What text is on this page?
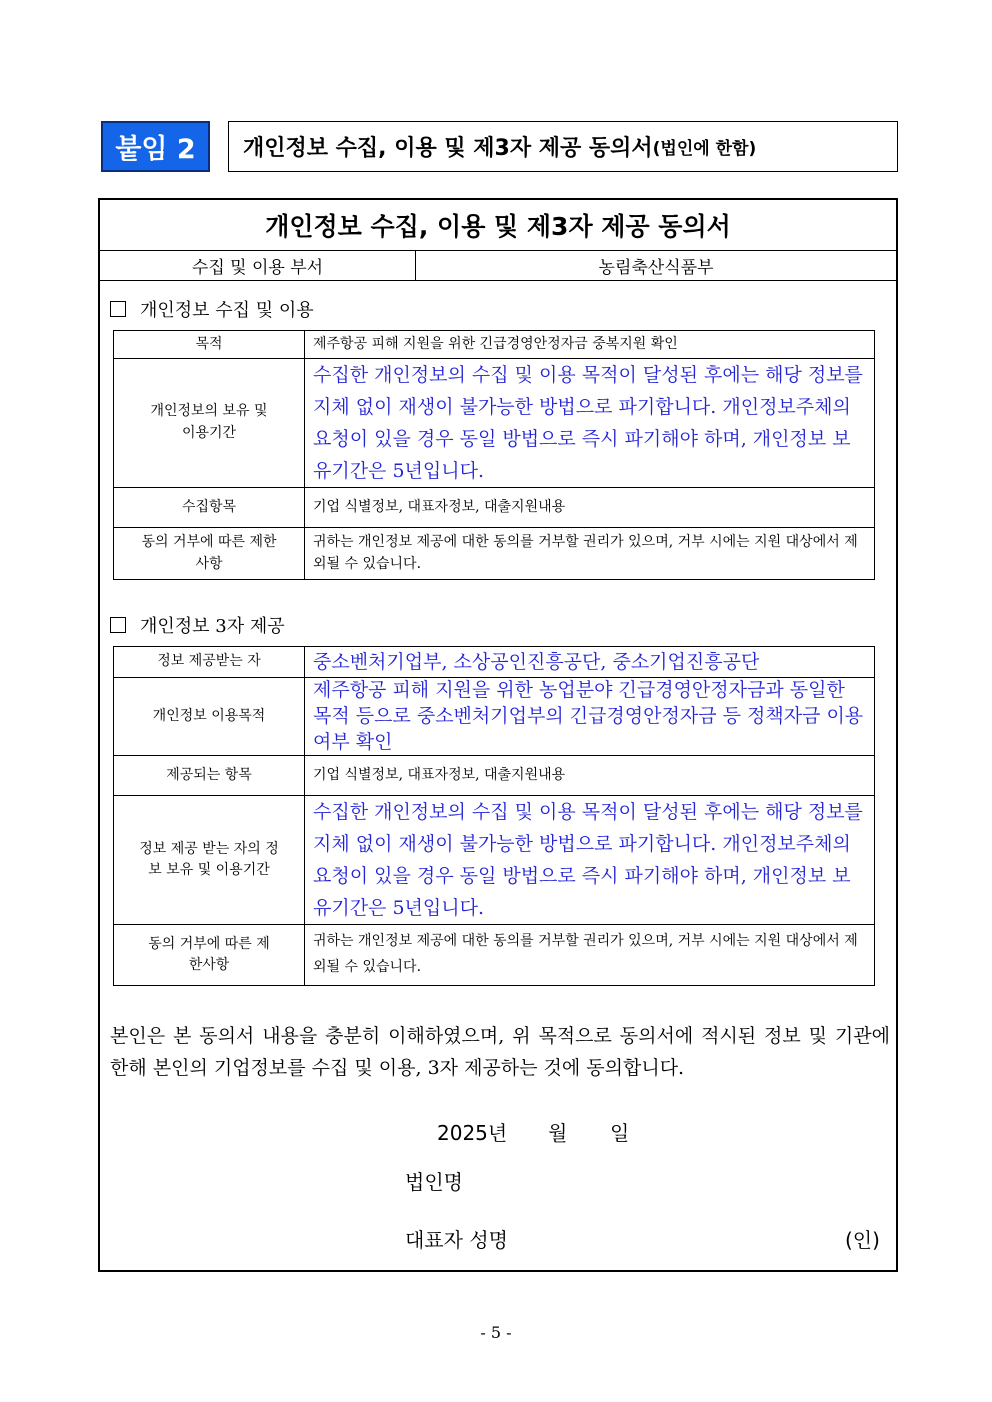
붙임 2	개인정보 수집, 이용 및 제3자 제공 동의서 (법인에 한함)
개인정보 수집, 이용 및 제3자 제공 동의서
수집 및 이용 부서	농림축산식품부
개인정보 수집 및 이용
목적	제주항공 피해 지원을 위한 긴급경영안정자금 중복지원 확인
개인정보의 보유 및 이용기간	수집한 개인정보의 수집 및 이용 목적이 달성된 후에는 해당 정보를 지체 없이 재생이 불가능한 방법으로 파기합니다. 개인정보주체의 요청이 있을 경우 동일 방법으로 즉시 파기해야 하며, 개인정보 보유기간은 5년입니다.
수집항목	기업 식별정보, 대표자정보, 대출지원내용
동의 거부에 따른 제한사항	귀하는 개인정보 제공에 대한 동의를 거부할 권리가 있으며, 거부 시에는 지원 대상에서 제외될 수 있습니다.
개인정보 3자 제공
정보 제공받는 자	중소벤처기업부, 소상공인진흥공단, 중소기업진흥공단
개인정보 이용목적	제주항공 피해 지원을 위한 농업분야 긴급경영안정자금과 동일한 목적 등으로 중소벤처기업부의 긴급경영안정자금 등 정책자금 이용 여부 확인
제공되는 항목	기업 식별정보, 대표자정보, 대출지원내용
정보 제공 받는 자의 정보 보유 및 이용기간	수집한 개인정보의 수집 및 이용 목적이 달성된 후에는 해당 정보를 지체 없이 재생이 불가능한 방법으로 파기합니다. 개인정보주체의 요청이 있을 경우 동일 방법으로 즉시 파기해야 하며, 개인정보 보유기간은 5년입니다.
동의 거부에 따른 제한사항	귀하는 개인정보 제공에 대한 동의를 거부할 권리가 있으며, 거부 시에는 지원 대상에서 제외될 수 있습니다.
본인은 본 동의서 내용을 충분히 이해하였으며, 위 목적으로 동의서에 적시된 정보 및 기관에 한해 본인의 기업정보를 수집 및 이용, 3자 제공하는 것에 동의합니다.
2025년 월 일
법인명
대표자 성명	(인)
- 5 -
